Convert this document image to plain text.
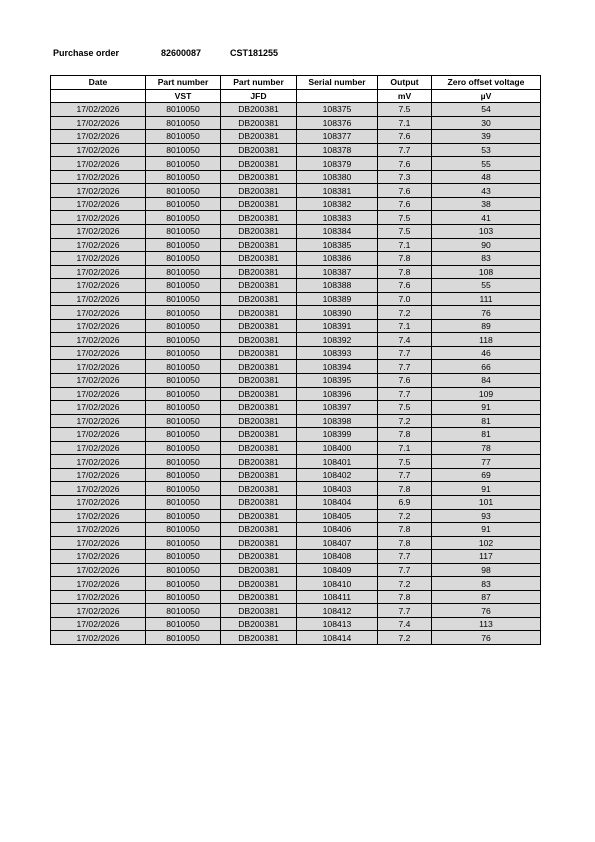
Purchase order	82600087	CST181255
Date	Part number	Part number	Serial number	Output	Zero offset voltage
	VST	JFD		mV	µV
17/02/2026	8010050	DB200381	108375	7.5	54
17/02/2026	8010050	DB200381	108376	7.1	30
17/02/2026	8010050	DB200381	108377	7.6	39
17/02/2026	8010050	DB200381	108378	7.7	53
17/02/2026	8010050	DB200381	108379	7.6	55
17/02/2026	8010050	DB200381	108380	7.3	48
17/02/2026	8010050	DB200381	108381	7.6	43
17/02/2026	8010050	DB200381	108382	7.6	38
17/02/2026	8010050	DB200381	108383	7.5	41
17/02/2026	8010050	DB200381	108384	7.5	103
17/02/2026	8010050	DB200381	108385	7.1	90
17/02/2026	8010050	DB200381	108386	7.8	83
17/02/2026	8010050	DB200381	108387	7.8	108
17/02/2026	8010050	DB200381	108388	7.6	55
17/02/2026	8010050	DB200381	108389	7.0	111
17/02/2026	8010050	DB200381	108390	7.2	76
17/02/2026	8010050	DB200381	108391	7.1	89
17/02/2026	8010050	DB200381	108392	7.4	118
17/02/2026	8010050	DB200381	108393	7.7	46
17/02/2026	8010050	DB200381	108394	7.7	66
17/02/2026	8010050	DB200381	108395	7.6	84
17/02/2026	8010050	DB200381	108396	7.7	109
17/02/2026	8010050	DB200381	108397	7.5	91
17/02/2026	8010050	DB200381	108398	7.2	81
17/02/2026	8010050	DB200381	108399	7.8	81
17/02/2026	8010050	DB200381	108400	7.1	78
17/02/2026	8010050	DB200381	108401	7.5	77
17/02/2026	8010050	DB200381	108402	7.7	69
17/02/2026	8010050	DB200381	108403	7.8	91
17/02/2026	8010050	DB200381	108404	6.9	101
17/02/2026	8010050	DB200381	108405	7.2	93
17/02/2026	8010050	DB200381	108406	7.8	91
17/02/2026	8010050	DB200381	108407	7.8	102
17/02/2026	8010050	DB200381	108408	7.7	117
17/02/2026	8010050	DB200381	108409	7.7	98
17/02/2026	8010050	DB200381	108410	7.2	83
17/02/2026	8010050	DB200381	108411	7.8	87
17/02/2026	8010050	DB200381	108412	7.7	76
17/02/2026	8010050	DB200381	108413	7.4	113
17/02/2026	8010050	DB200381	108414	7.2	76
